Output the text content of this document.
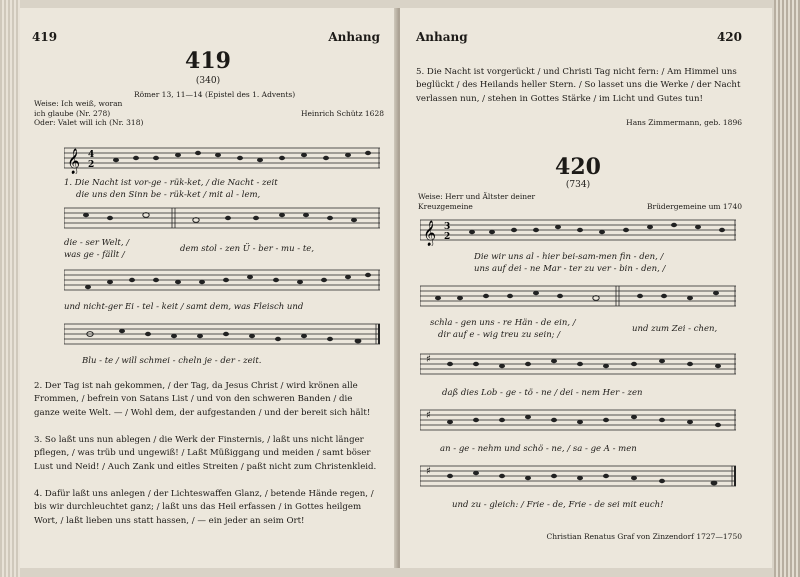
419	Anhang
419
(340)
Römer 13, 11—14 (Epistel des 1. Advents)
Weise: Ich weiß, woran
ich glaube (Nr. 278)
Oder: Valet will ich (Nr. 318)
Heinrich Schütz 1628
𝄞 4
2
1. Die Nacht ist vor-ge - rük-ket, / die Nacht - zeit
die uns den Sinn be - rük-ket / mit al - lem,
die - ser Welt, /
dem stol - zen Ü - ber - mu - te,
was ge - fällt /
und nicht-ger Ei - tel - keit / samt dem, was Fleisch und
Blu - te / will schmei - cheln je - der - zeit.
2. Der Tag ist nah gekommen, / der Tag, da Jesus Christ / wird krönen alle Frommen, / befrein von Satans List / und von den schweren Banden / die ganze weite Welt. — / Wohl dem, der aufgestanden / und der bereit sich hält!
3. So laßt uns nun ablegen / die Werk der Finsternis, / laßt uns nicht länger pflegen, / was trüb und ungewiß! / Laßt Müßiggang und meiden / samt böser Lust und Neid! / Auch Zank und eitles Streiten / paßt nicht zum Christenkleid.
4. Dafür laßt uns anlegen / der Lichteswaffen Glanz, / betende Hände regen, / bis wir durchleuchtet ganz; / laßt uns das Heil erfassen / in Gottes heilgem Wort, / laßt lieben uns statt hassen, / — ein jeder an seim Ort!
Anhang	420
5. Die Nacht ist vorgerückt / und Christi Tag nicht fern: / Am Himmel uns beglückt / des Heilands heller Stern. / So lasset uns die Werke / der Nacht verlassen nun, / stehen in Gottes Stärke / im Licht und Gutes tun!
Hans Zimmermann, geb. 1896
420
(734)
Weise: Herr und Ältster deiner
Kreuzgemeine	Brüdergemeine um 1740
𝄞 3
2
Die wir uns al - hier bei-sam-men fin - den, /
uns auf dei - ne Mar - ter zu ver - bin - den, /
schla - gen uns - re Hän - de ein, /
und zum Zei - chen,
dir auf e - wig treu zu sein; /
♯
daß dies Lob - ge - tö - ne / dei - nem Her - zen
♯
an - ge - nehm und schö - ne, / sa - ge A - men
♯
und zu - gleich: / Frie - de, Frie - de sei mit euch!
Christian Renatus Graf von Zinzendorf 1727—1750
